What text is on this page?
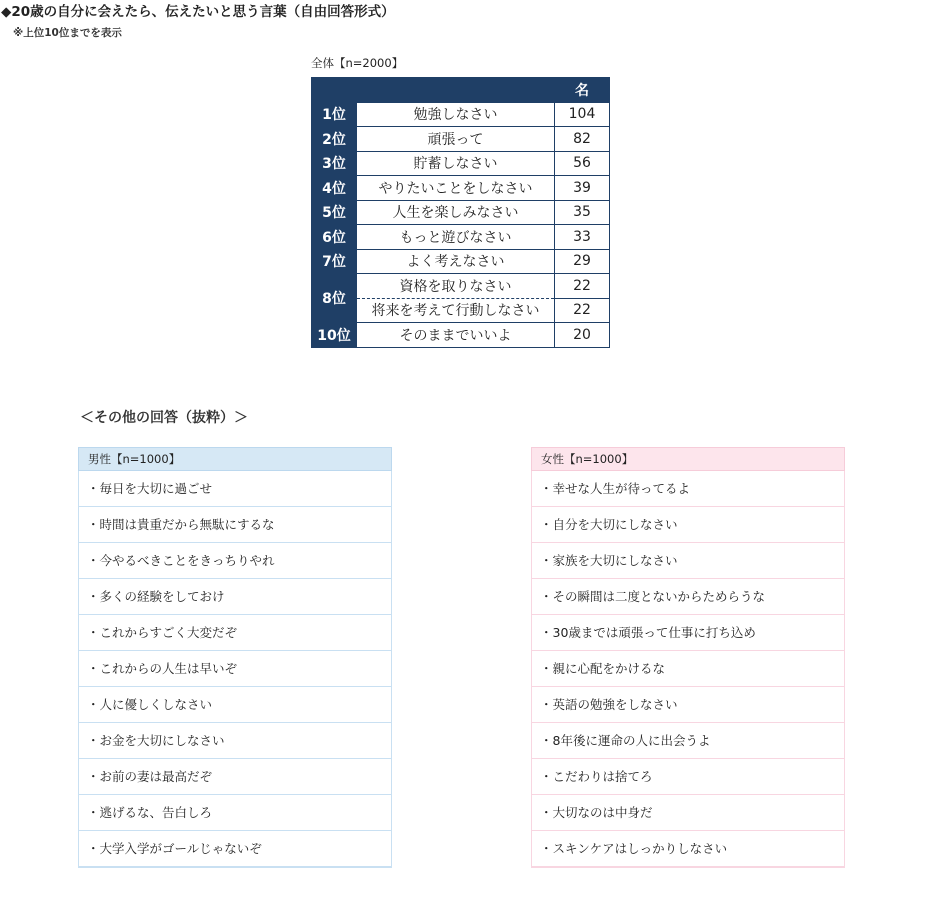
◆20歳の自分に会えたら、伝えたいと思う言葉（自由回答形式）
※上位10位までを表示
全体【n=2000】
		名
1位	勉強しなさい	104
2位	頑張って	82
3位	貯蓄しなさい	56
4位	やりたいことをしなさい	39
5位	人生を楽しみなさい	35
6位	もっと遊びなさい	33
7位	よく考えなさい	29
8位	資格を取りなさい	22
	将来を考えて行動しなさい	22
10位	そのままでいいよ	20
＜その他の回答（抜粋）＞
男性【n=1000】
・毎日を大切に過ごせ
・時間は貴重だから無駄にするな
・今やるべきことをきっちりやれ
・多くの経験をしておけ
・これからすごく大変だぞ
・これからの人生は早いぞ
・人に優しくしなさい
・お金を大切にしなさい
・お前の妻は最高だぞ
・逃げるな、告白しろ
・大学入学がゴールじゃないぞ
女性【n=1000】
・幸せな人生が待ってるよ
・自分を大切にしなさい
・家族を大切にしなさい
・その瞬間は二度とないからためらうな
・30歳までは頑張って仕事に打ち込め
・親に心配をかけるな
・英語の勉強をしなさい
・8年後に運命の人に出会うよ
・こだわりは捨てろ
・大切なのは中身だ
・スキンケアはしっかりしなさい
